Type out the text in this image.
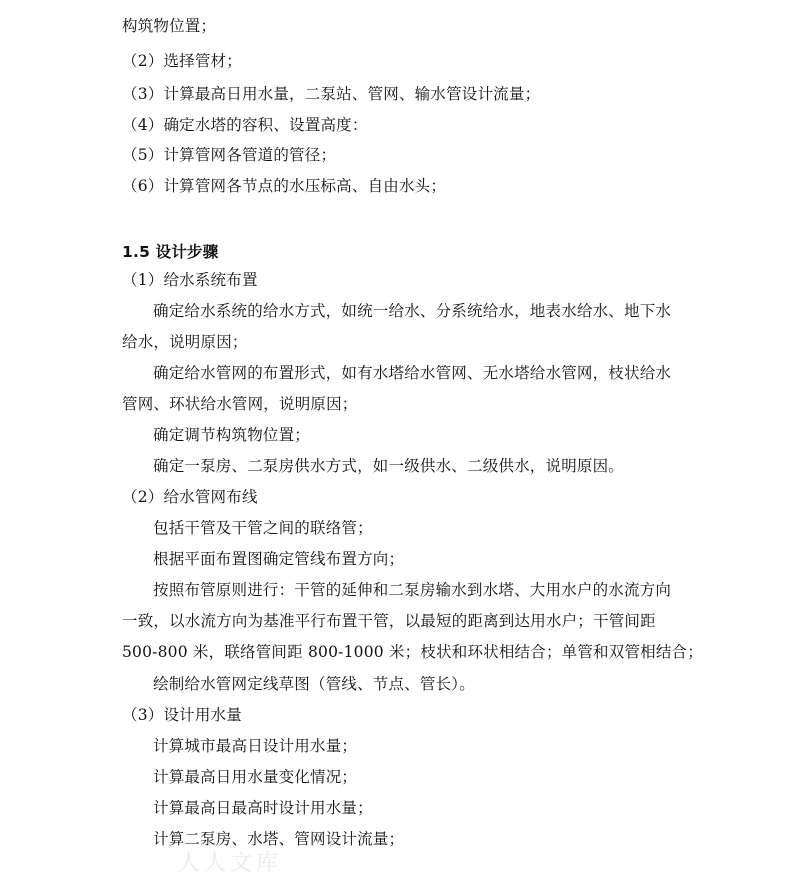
构筑物位置；
（2）选择管材；
（3）计算最高日用水量，二泵站、管网、输水管设计流量；
（4）确定水塔的容积、设置高度：
（5）计算管网各管道的管径；
（6）计算管网各节点的水压标高、自由水头；
1.5 设计步骤
（1）给水系统布置
确定给水系统的给水方式，如统一给水、分系统给水，地表水给水、地下水
给水，说明原因；
确定给水管网的布置形式，如有水塔给水管网、无水塔给水管网，枝状给水
管网、环状给水管网，说明原因；
确定调节构筑物位置；
确定一泵房、二泵房供水方式，如一级供水、二级供水，说明原因。
（2）给水管网布线
包括干管及干管之间的联络管；
根据平面布置图确定管线布置方向；
按照布管原则进行：干管的延伸和二泵房输水到水塔、大用水户的水流方向
一致，以水流方向为基准平行布置干管，以最短的距离到达用水户；干管间距
500-800 米，联络管间距 800-1000 米；枝状和环状相结合；单管和双管相结合；
绘制给水管网定线草图（管线、节点、管长）。
（3）设计用水量
计算城市最高日设计用水量；
计算最高日用水量变化情况；
计算最高日最高时设计用水量；
计算二泵房、水塔、管网设计流量；
人人文库
